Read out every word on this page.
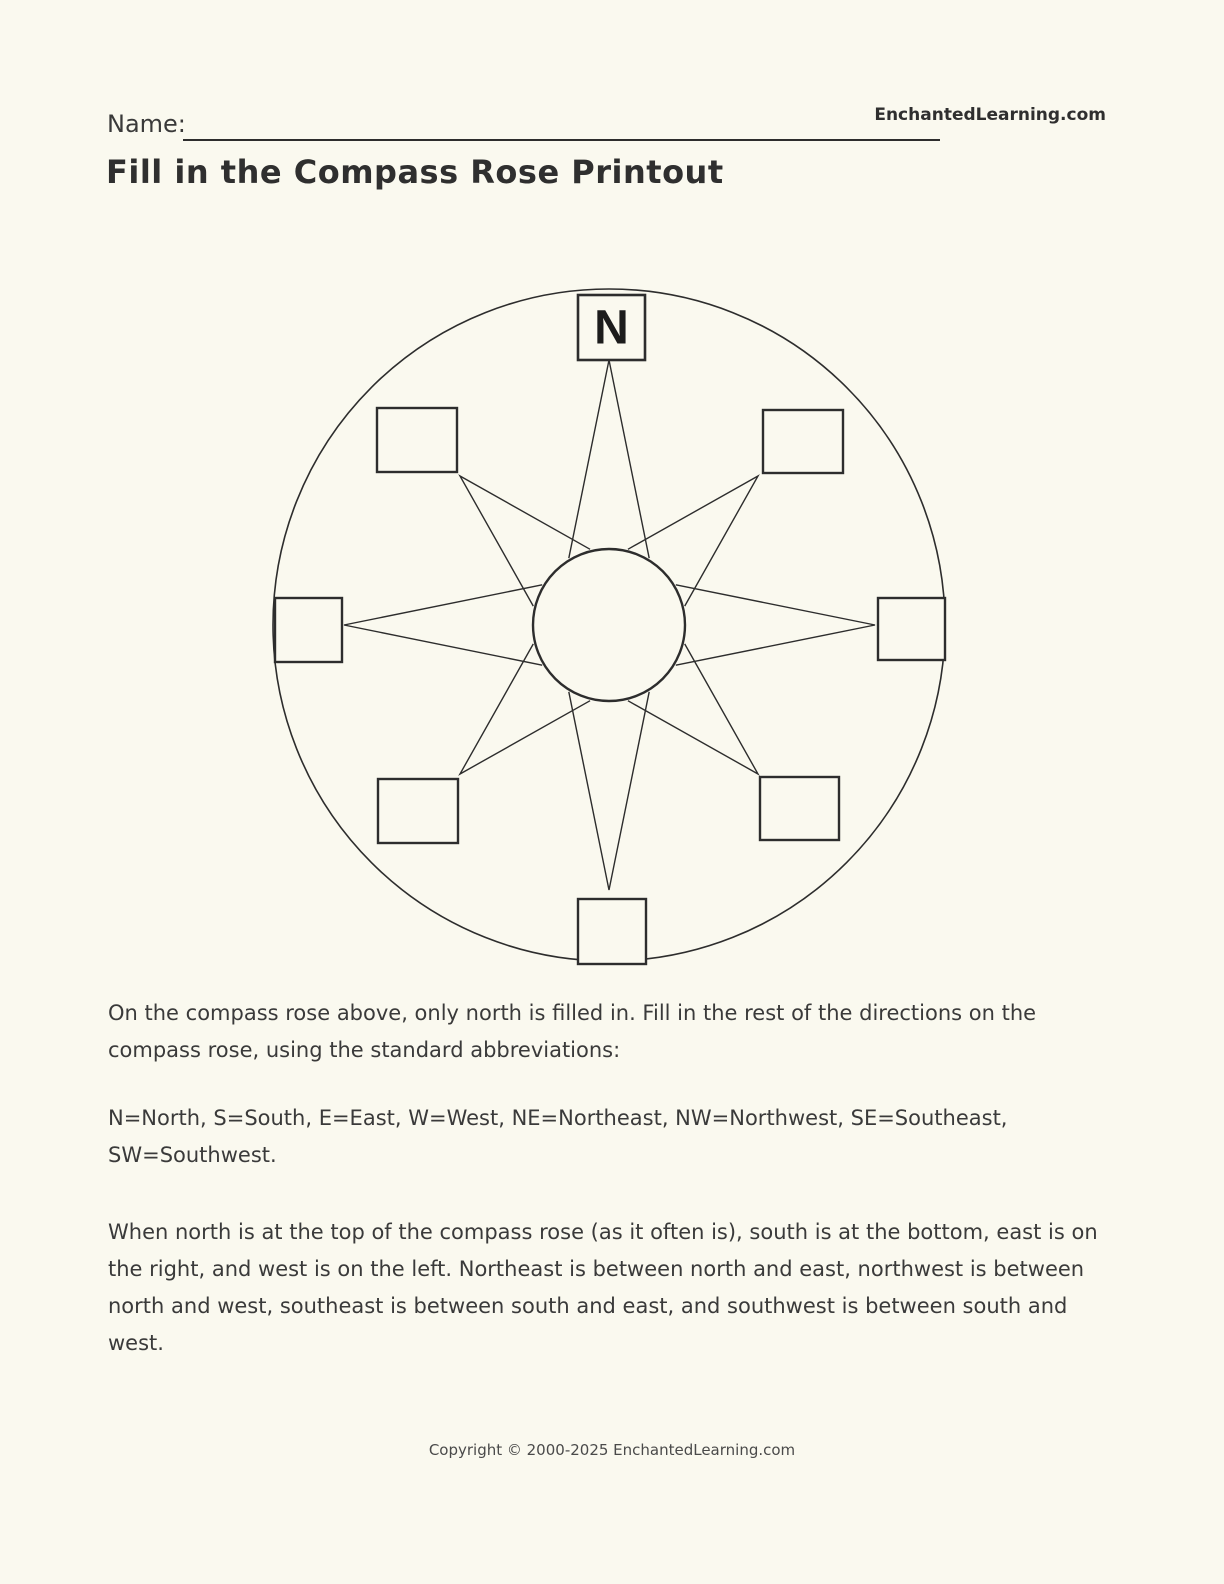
Name:	EnchantedLearning.com
Fill in the Compass Rose Printout
N

On the compass rose above, only north is filled in. Fill in the rest of the directions on the compass rose, using the standard abbreviations:

N=North, S=South, E=East, W=West, NE=Northeast, NW=Northwest, SE=Southeast, SW=Southwest.

When north is at the top of the compass rose (as it often is), south is at the bottom, east is on the right, and west is on the left. Northeast is between north and east, northwest is between north and west, southeast is between south and east, and southwest is between south and west.

Copyright © 2000-2025 EnchantedLearning.com
